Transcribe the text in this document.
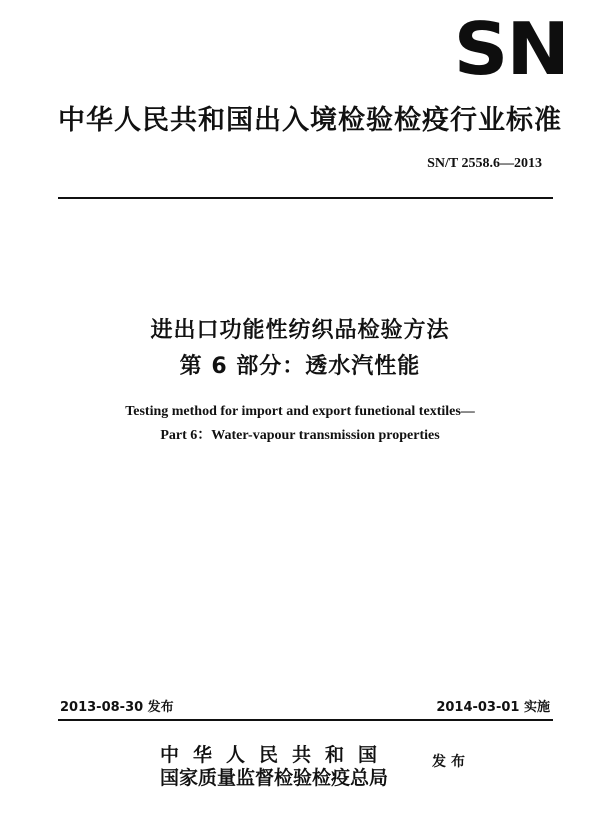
SN
中华人民共和国出入境检验检疫行业标准
SN/T 2558.6—2013
进出口功能性纺织品检验方法
第 6 部分：透水汽性能
Testing method for import and export funetional textiles—
Part 6：Water-vapour transmission properties
2013-08-30 发布	2014-03-01 实施
中华人民共和国
国家质量监督检验检疫总局
发布
